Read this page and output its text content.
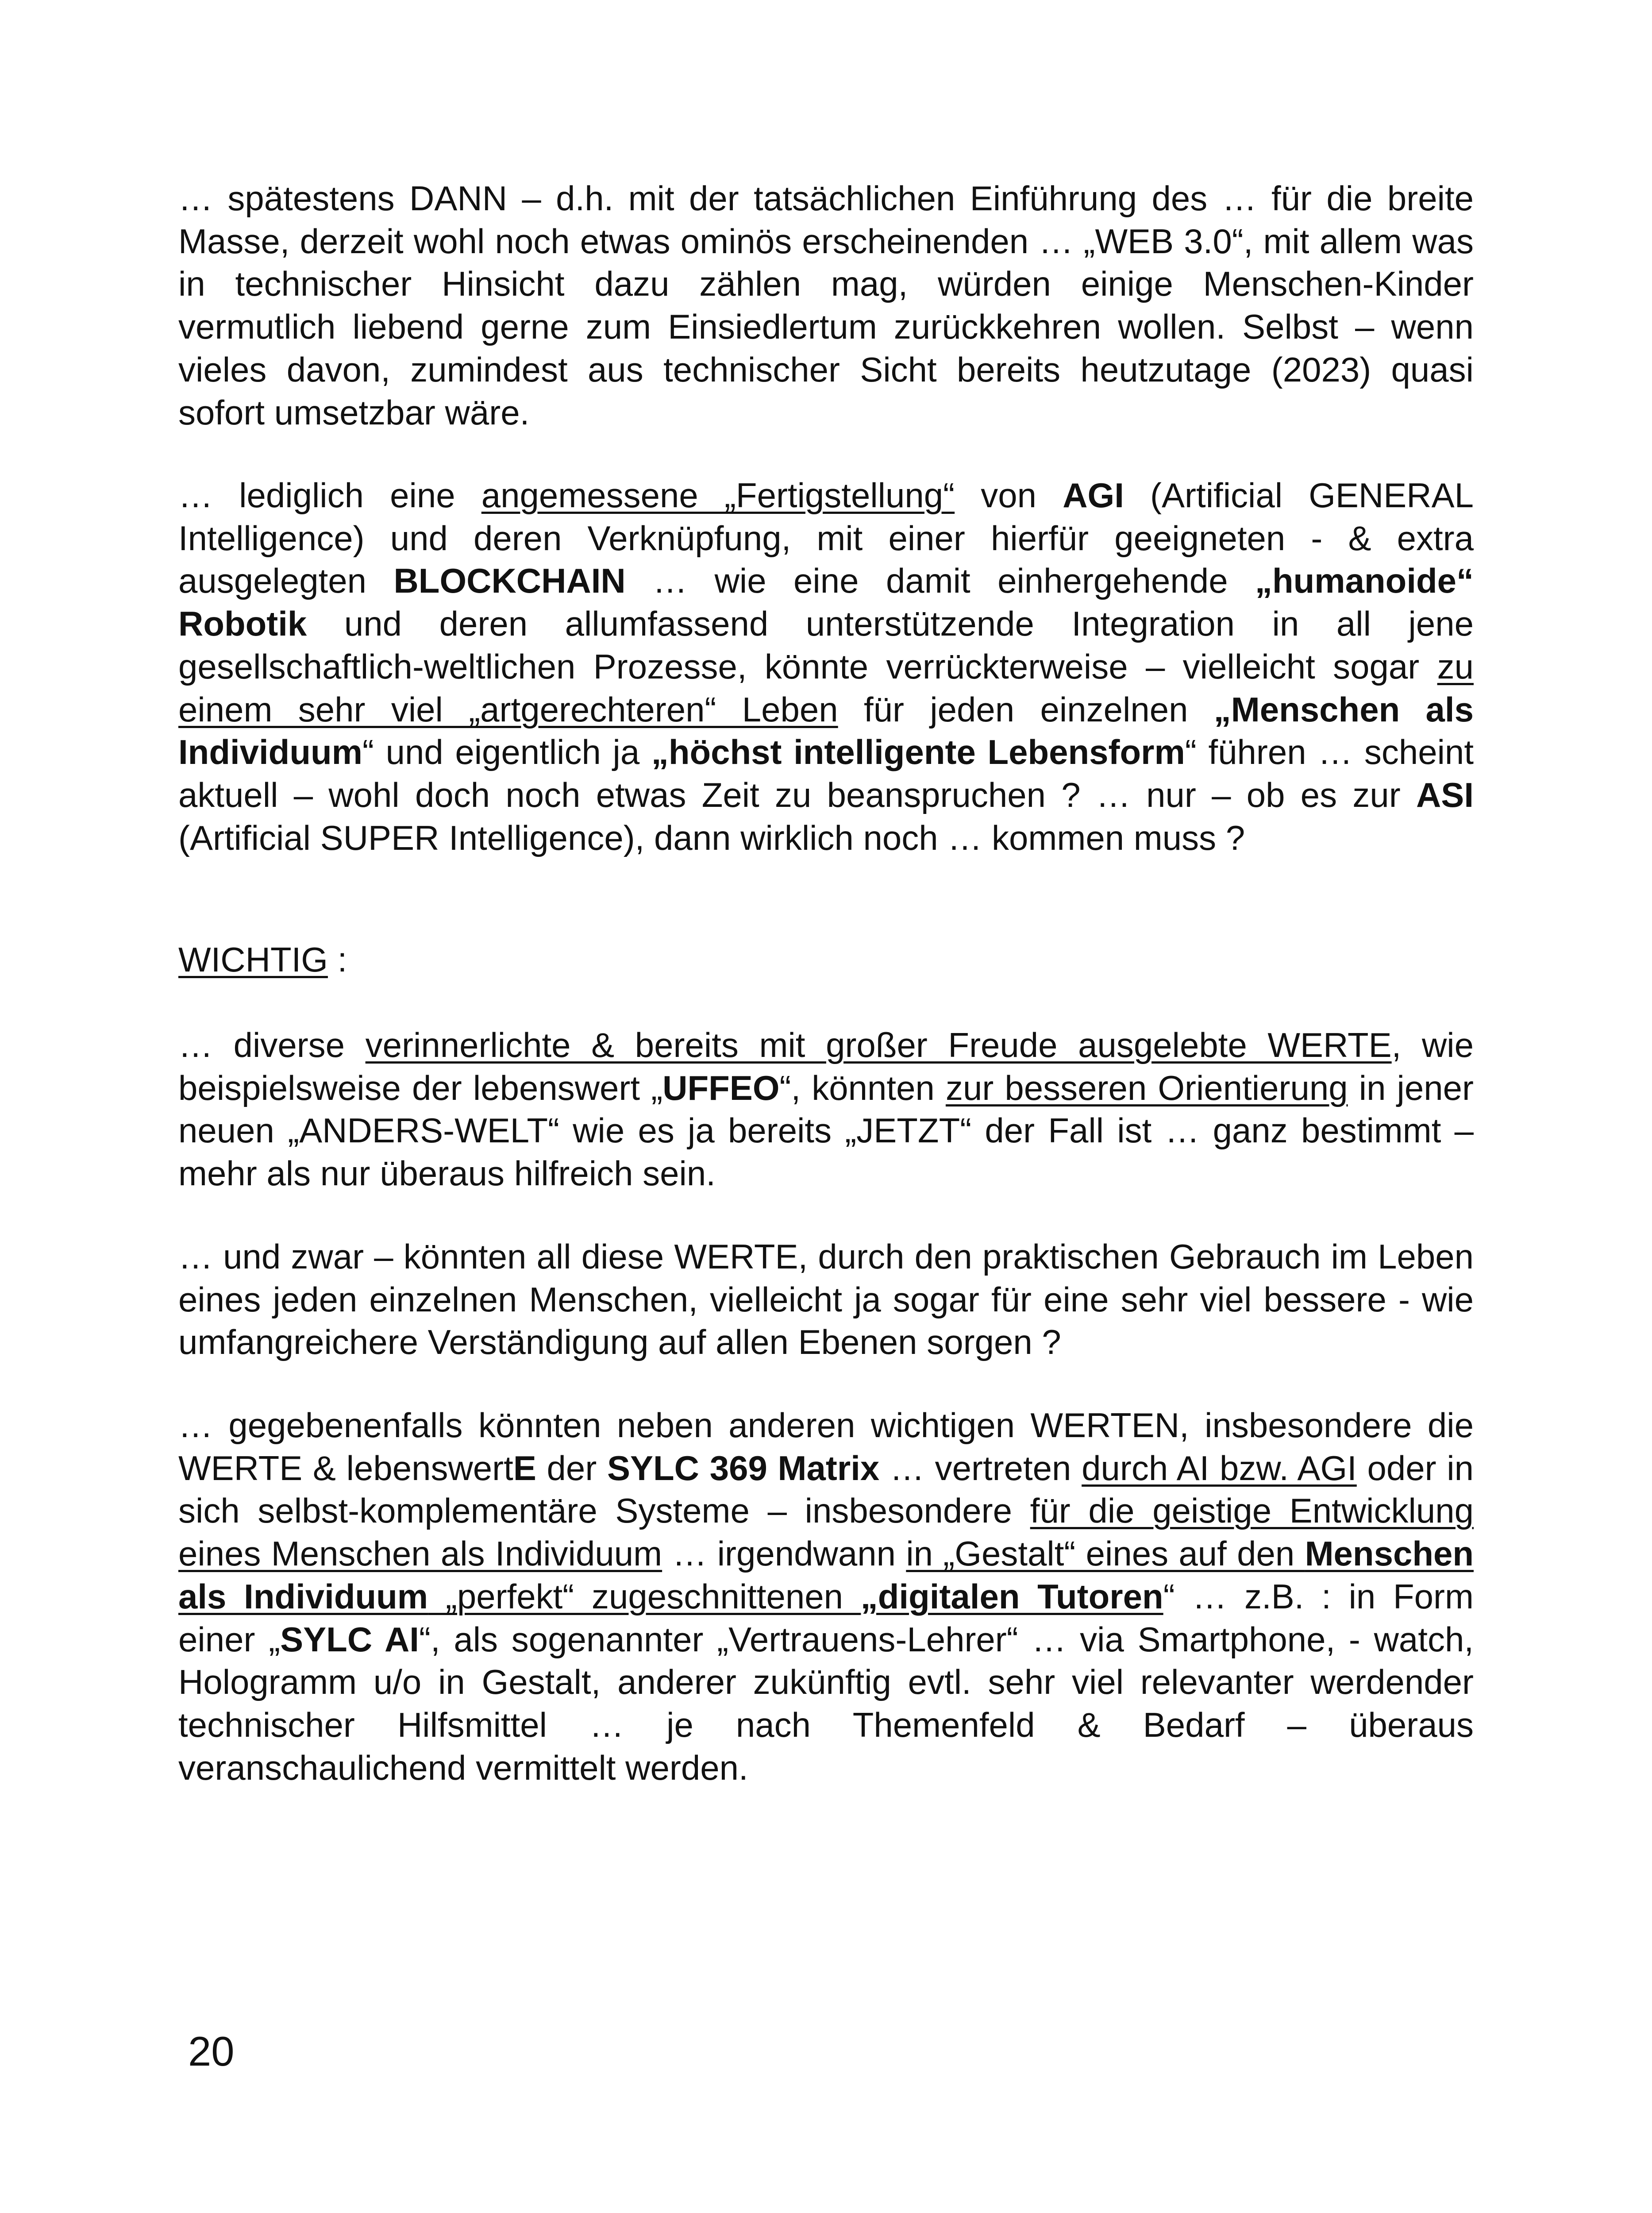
… spätestens DANN – d.h. mit der tatsächlichen Einführung des … für die breite Masse, derzeit wohl noch etwas ominös erscheinenden … „WEB 3.0“, mit allem was in technischer Hinsicht dazu zählen mag, würden einige Menschen-Kinder vermutlich liebend gerne zum Einsiedlertum zurückkehren wollen. Selbst – wenn vieles davon, zumindest aus technischer Sicht bereits heutzutage (2023) quasi sofort umsetzbar wäre.

… lediglich eine angemessene „Fertigstellung“ von AGI (Artificial GENERAL Intelligence) und deren Verknüpfung, mit einer hierfür geeigneten - & extra ausgelegten BLOCKCHAIN … wie eine damit einhergehende „humanoide“ Robotik und deren allumfassend unterstützende Integration in all jene gesellschaftlich-weltlichen Prozesse, könnte verrückterweise – vielleicht sogar zu einem sehr viel „artgerechteren“ Leben für jeden einzelnen „Menschen als Individuum“ und eigentlich ja „höchst intelligente Lebensform“ führen … scheint aktuell – wohl doch noch etwas Zeit zu beanspruchen ? … nur – ob es zur ASI (Artificial SUPER Intelligence), dann wirklich noch … kommen muss ?

WICHTIG :

… diverse verinnerlichte & bereits mit großer Freude ausgelebte WERTE, wie beispielsweise der lebenswert „UFFEO“, könnten zur besseren Orientierung in jener neuen „ANDERS-WELT“ wie es ja bereits „JETZT“ der Fall ist … ganz bestimmt – mehr als nur überaus hilfreich sein.

… und zwar – könnten all diese WERTE, durch den praktischen Gebrauch im Leben eines jeden einzelnen Menschen, vielleicht ja sogar für eine sehr viel bessere - wie umfangreichere Verständigung auf allen Ebenen sorgen ?

… gegebenenfalls könnten neben anderen wichtigen WERTEN, insbesondere die WERTE & lebenswertE der SYLC 369 Matrix … vertreten durch AI bzw. AGI oder in sich selbst-komplementäre Systeme – insbesondere für die geistige Entwicklung eines Menschen als Individuum … irgendwann in „Gestalt“ eines auf den Menschen als Individuum „perfekt“ zugeschnittenen „digitalen Tutoren“ … z.B. : in Form einer „SYLC AI“, als sogenannter „Vertrauens-Lehrer“ … via Smartphone, - watch, Hologramm u/o in Gestalt, anderer zukünftig evtl. sehr viel relevanter werdender technischer Hilfsmittel … je nach Themenfeld & Bedarf – überaus veranschaulichend vermittelt werden.

20
